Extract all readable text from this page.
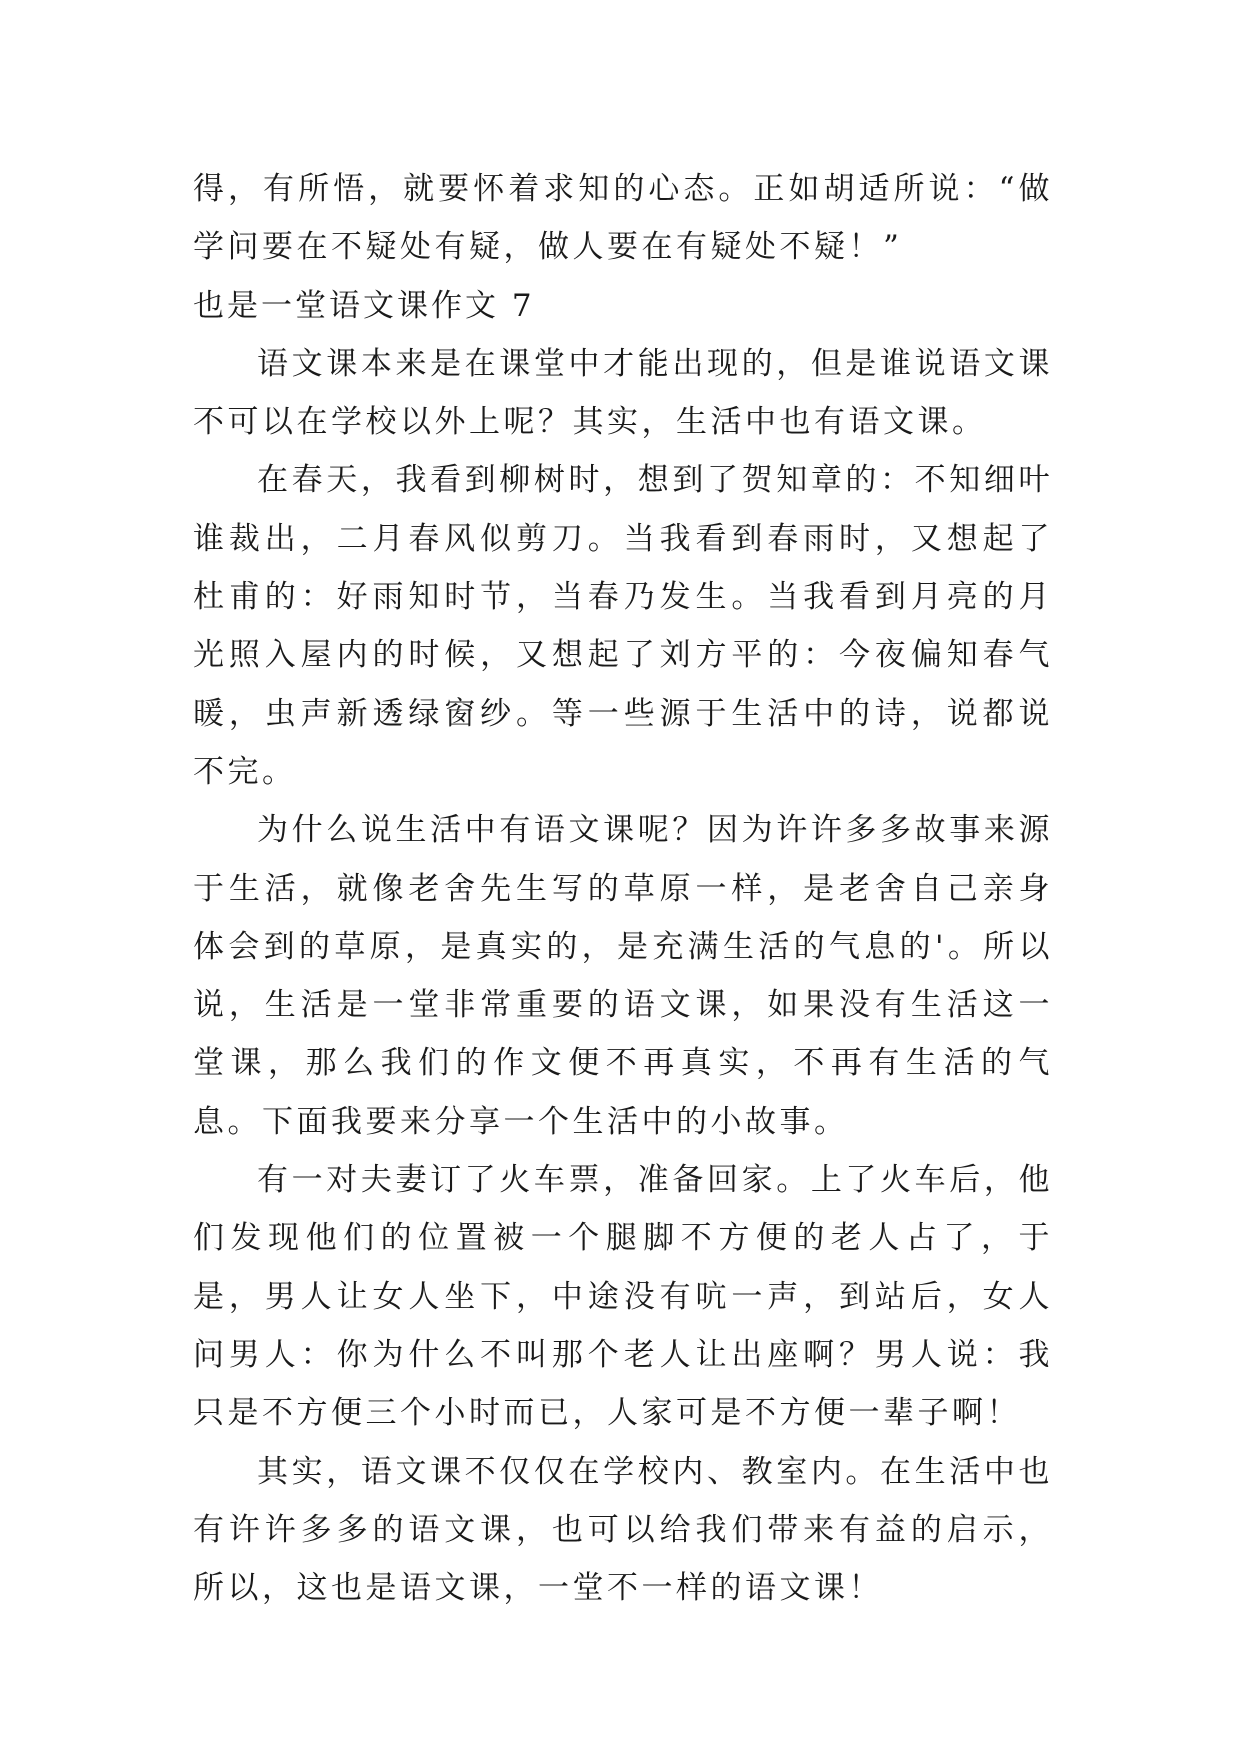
得，有所悟，就要怀着求知的心态。正如胡适所说：“做学问要在不疑处有疑，做人要在有疑处不疑！”

也是一堂语文课作文 7

语文课本来是在课堂中才能出现的，但是谁说语文课不可以在学校以外上呢？其实，生活中也有语文课。

在春天，我看到柳树时，想到了贺知章的：不知细叶谁裁出，二月春风似剪刀。当我看到春雨时，又想起了杜甫的：好雨知时节，当春乃发生。当我看到月亮的月光照入屋内的时候，又想起了刘方平的：今夜偏知春气暖，虫声新透绿窗纱。等一些源于生活中的诗，说都说不完。

为什么说生活中有语文课呢？因为许许多多故事来源于生活，就像老舍先生写的草原一样，是老舍自己亲身体会到的草原，是真实的，是充满生活的气息的'。所以说，生活是一堂非常重要的语文课，如果没有生活这一堂课，那么我们的作文便不再真实，不再有生活的气息。下面我要来分享一个生活中的小故事。

有一对夫妻订了火车票，准备回家。上了火车后，他们发现他们的位置被一个腿脚不方便的老人占了，于是，男人让女人坐下，中途没有吭一声，到站后，女人问男人：你为什么不叫那个老人让出座啊？男人说：我只是不方便三个小时而已，人家可是不方便一辈子啊！

其实，语文课不仅仅在学校内、教室内。在生活中也有许许多多的语文课，也可以给我们带来有益的启示，所以，这也是语文课，一堂不一样的语文课！
